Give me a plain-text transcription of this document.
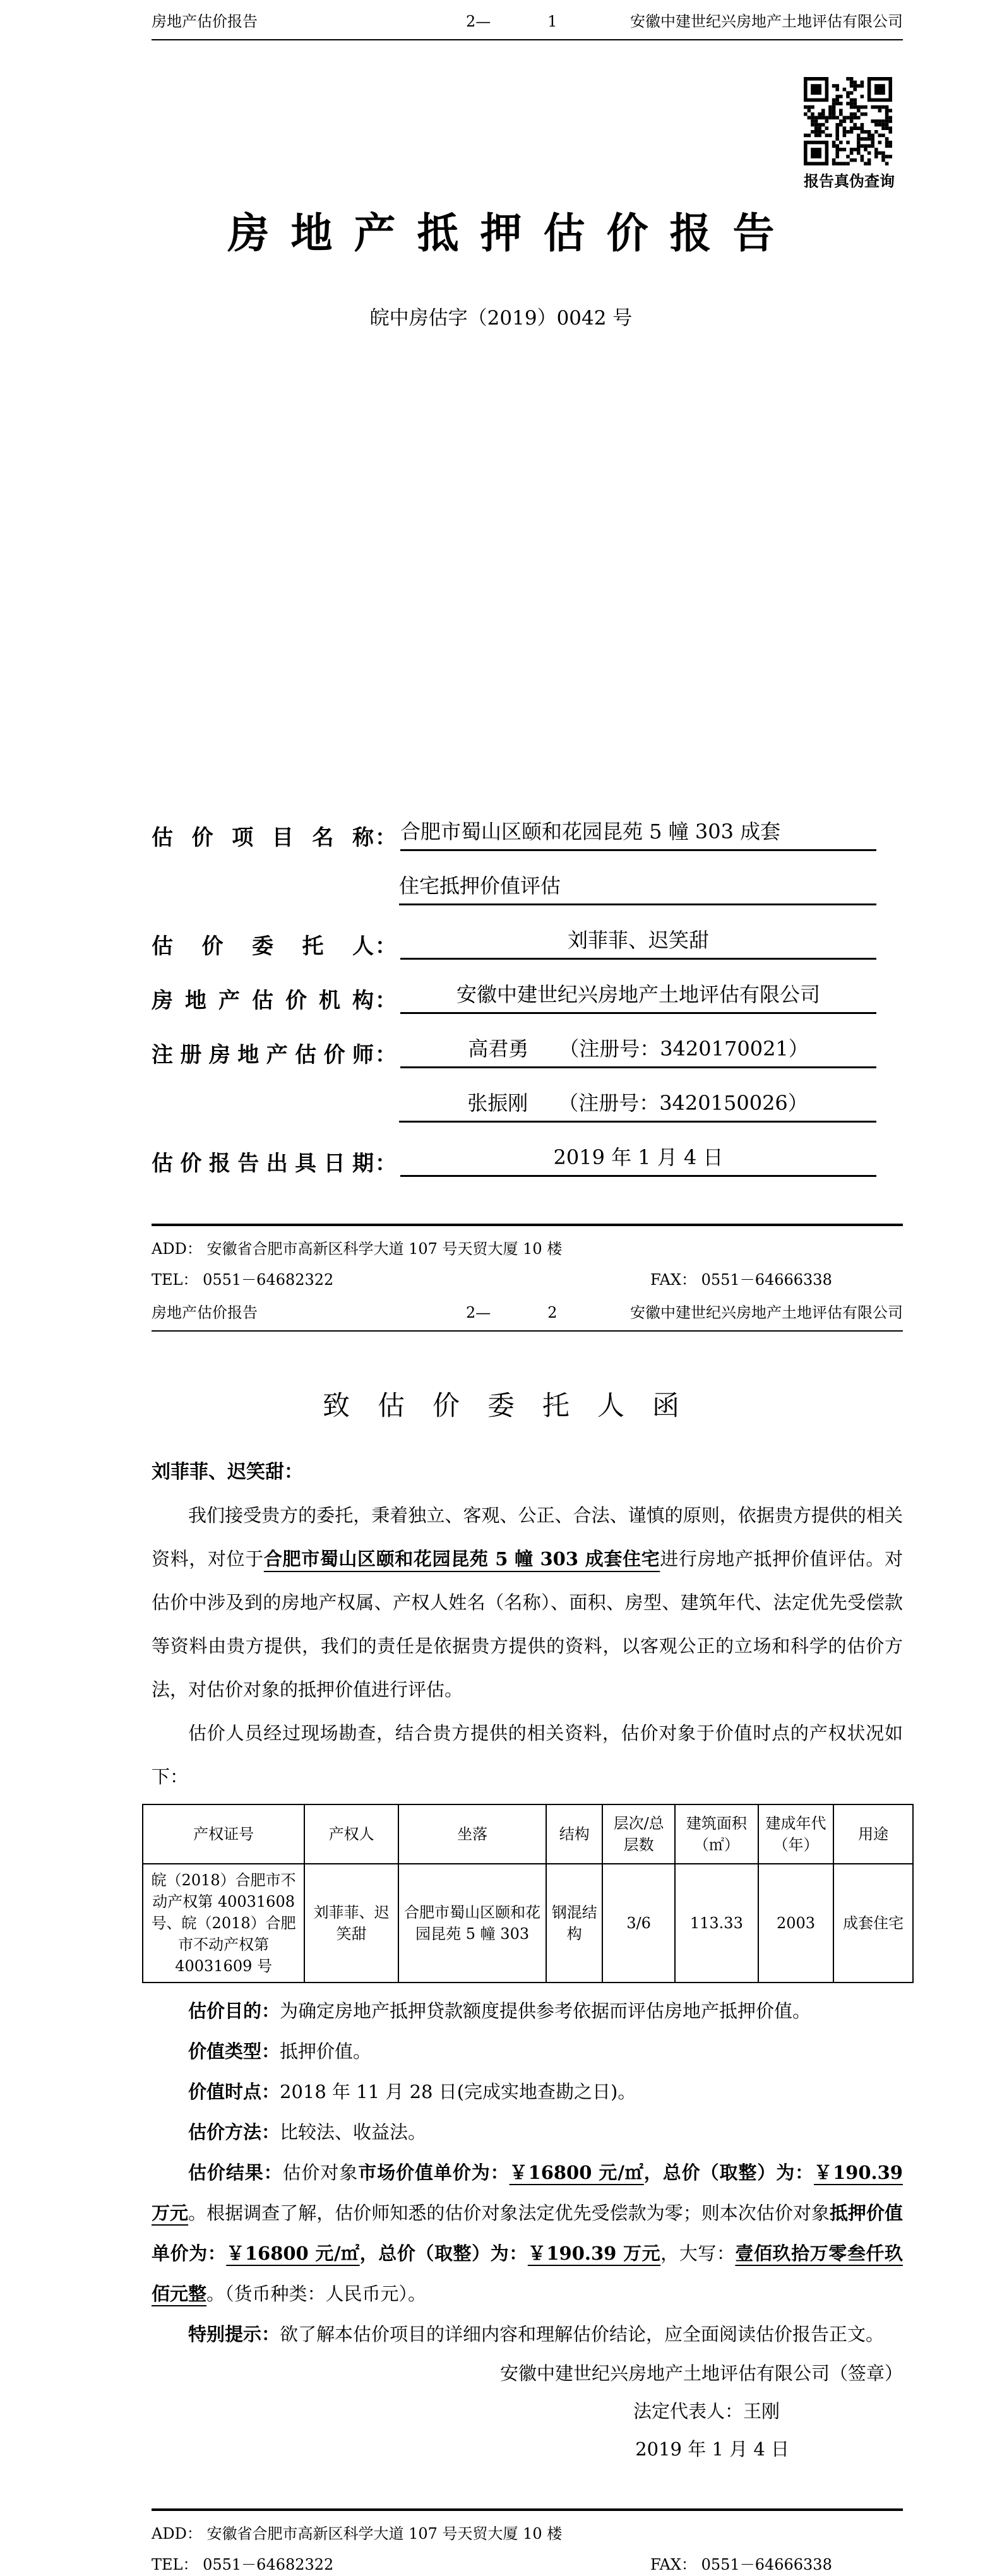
房地产估价报告	2—	1	安徽中建世纪兴房地产土地评估有限公司
报告真伪查询
房地产抵押估价报告
皖中房估字（2019）0042 号
估价项目名称 ： 合肥市蜀山区颐和花园昆苑 5 幢 303 成套
住宅抵押价值评估
估价委托人 ：	刘菲菲、迟笑甜
房地产估价机构 ：	安徽中建世纪兴房地产土地评估有限公司
注册房地产估价师 ：	高君勇　　（注册号：3420170021）
张振刚　　（注册号：3420150026）
估价报告出具日期 ：	2019 年 1 月 4 日
ADD： 安徽省合肥市高新区科学大道 107 号天贸大厦 10 楼
TEL： 0551－64682322	FAX： 0551－64666338
房地产估价报告	2—	2	安徽中建世纪兴房地产土地评估有限公司
致估价委托人函
刘菲菲、迟笑甜：

我们接受贵方的委托，秉着独立、客观、公正、合法、谨慎的原则，依据贵方提供的相关资料，对位于合肥市蜀山区颐和花园昆苑 5 幢 303 成套住宅进行房地产抵押价值评估。对估价中涉及到的房地产权属、产权人姓名（名称）、面积、房型、建筑年代、法定优先受偿款等资料由贵方提供，我们的责任是依据贵方提供的资料，以客观公正的立场和科学的估价方法，对估价对象的抵押价值进行评估。

估价人员经过现场勘查，结合贵方提供的相关资料，估价对象于价值时点的产权状况如下：

产权证号	产权人	坐落	结构	层次/总层数	建筑面积（㎡）	建成年代（年）	用途
皖（2018）合肥市不动产权第 40031608 号、皖（2018）合肥市不动产权第 40031609 号	刘菲菲、迟笑甜	合肥市蜀山区颐和花园昆苑 5 幢 303	钢混结构	3/6	113.33	2003	成套住宅

估价目的：为确定房地产抵押贷款额度提供参考依据而评估房地产抵押价值。

价值类型：抵押价值。

价值时点：2018 年 11 月 28 日(完成实地查勘之日)。

估价方法：比较法、收益法。

估价结果：估价对象市场价值单价为：￥16800 元/㎡，总价（取整）为：￥190.39 万元。根据调查了解，估价师知悉的估价对象法定优先受偿款为零；则本次估价对象抵押价值单价为：￥16800 元/㎡，总价（取整）为：￥190.39 万元，大写：壹佰玖拾万零叁仟玖佰元整。（货币种类：人民币元）。

特别提示：欲了解本估价项目的详细内容和理解估价结论，应全面阅读估价报告正文。

安徽中建世纪兴房地产土地评估有限公司（签章）
法定代表人：王刚
2019 年 1 月 4 日
ADD： 安徽省合肥市高新区科学大道 107 号天贸大厦 10 楼
TEL： 0551－64682322	FAX： 0551－64666338
